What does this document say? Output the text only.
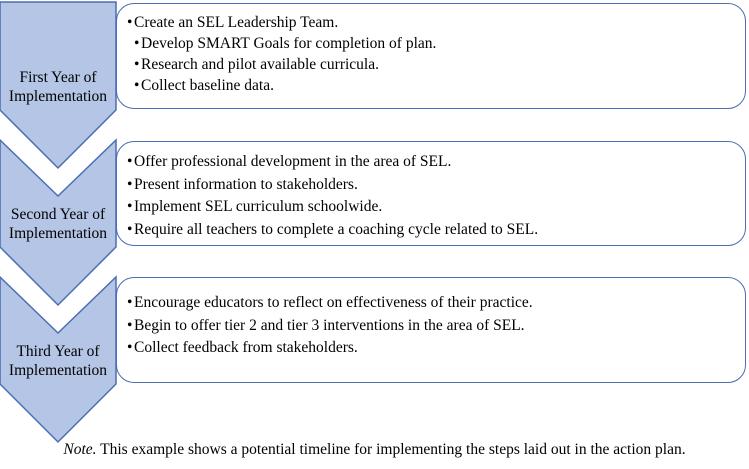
First Year of
Implementation
Second Year of
Implementation
Third Year of
Implementation
• Create an SEL Leadership Team.
• Develop SMART Goals for completion of plan.
• Research and pilot available curricula.
• Collect baseline data.
• Offer professional development in the area of SEL.
• Present information to stakeholders.
• Implement SEL curriculum schoolwide.
• Require all teachers to complete a coaching cycle related to SEL.
• Encourage educators to reflect on effectiveness of their practice.
• Begin to offer tier 2 and tier 3 interventions in the area of SEL.
• Collect feedback from stakeholders.
Note. This example shows a potential timeline for implementing the steps laid out in the action plan.
